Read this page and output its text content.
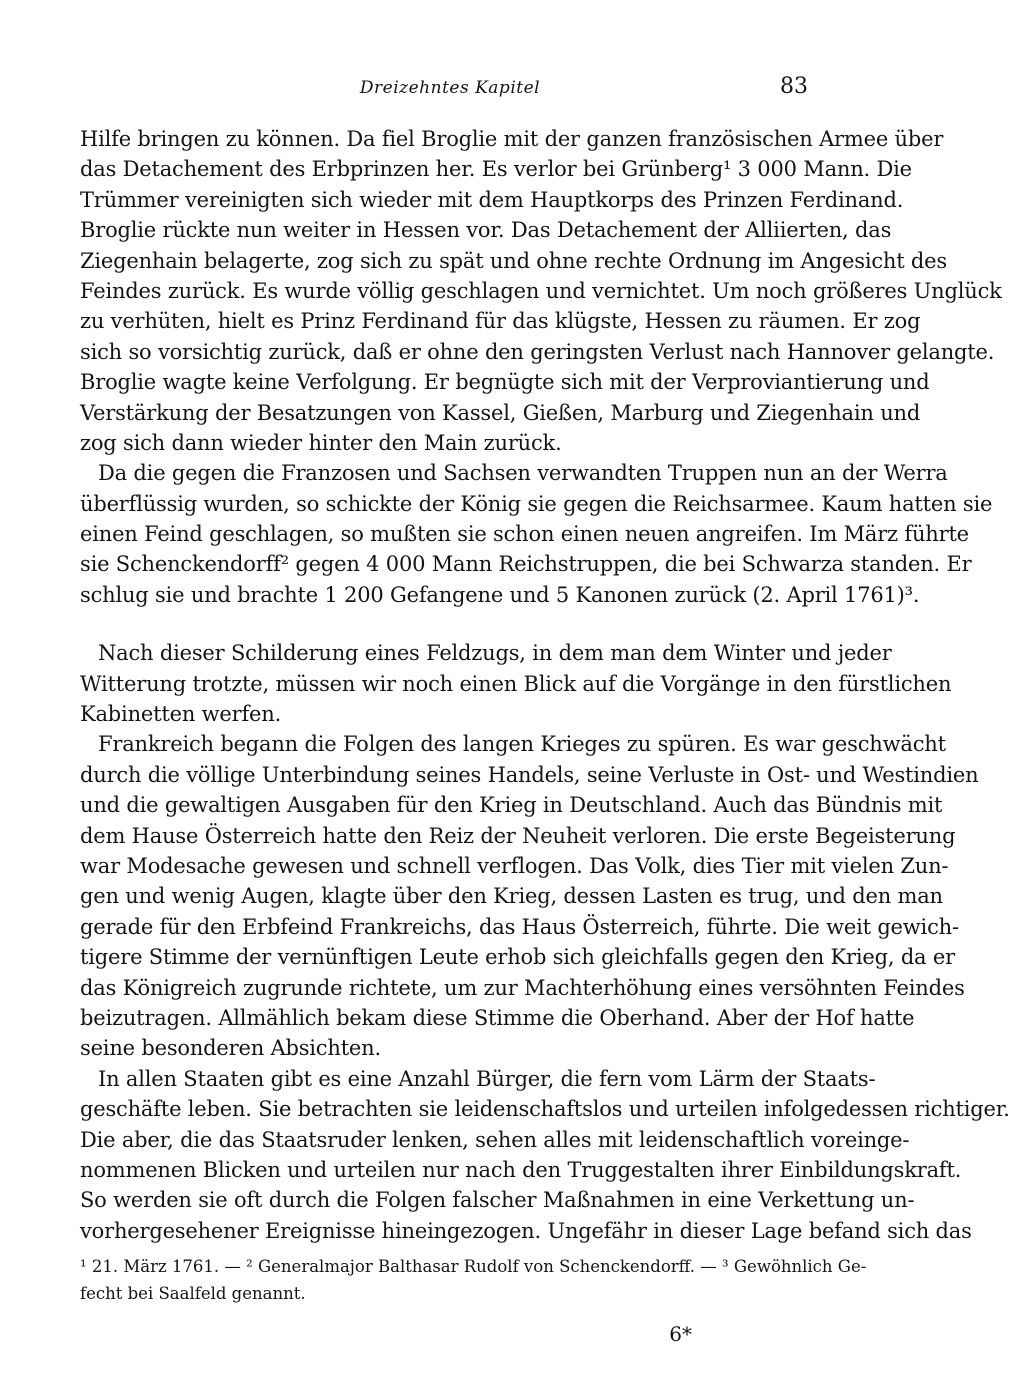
Dreizehntes Kapitel	83
Hilfe bringen zu können. Da fiel Broglie mit der ganzen französischen Armee über
das Detachement des Erbprinzen her. Es verlor bei Grünberg¹ 3 000 Mann. Die
Trümmer vereinigten sich wieder mit dem Hauptkorps des Prinzen Ferdinand.
Broglie rückte nun weiter in Hessen vor. Das Detachement der Alliierten, das
Ziegenhain belagerte, zog sich zu spät und ohne rechte Ordnung im Angesicht des
Feindes zurück. Es wurde völlig geschlagen und vernichtet. Um noch größeres Unglück
zu verhüten, hielt es Prinz Ferdinand für das klügste, Hessen zu räumen. Er zog
sich so vorsichtig zurück, daß er ohne den geringsten Verlust nach Hannover gelangte.
Broglie wagte keine Verfolgung. Er begnügte sich mit der Verproviantierung und
Verstärkung der Besatzungen von Kassel, Gießen, Marburg und Ziegenhain und
zog sich dann wieder hinter den Main zurück.
Da die gegen die Franzosen und Sachsen verwandten Truppen nun an der Werra
überflüssig wurden, so schickte der König sie gegen die Reichsarmee. Kaum hatten sie
einen Feind geschlagen, so mußten sie schon einen neuen angreifen. Im März führte
sie Schenckendorff² gegen 4 000 Mann Reichstruppen, die bei Schwarza standen. Er
schlug sie und brachte 1 200 Gefangene und 5 Kanonen zurück (2. April 1761)³.
Nach dieser Schilderung eines Feldzugs, in dem man dem Winter und jeder
Witterung trotzte, müssen wir noch einen Blick auf die Vorgänge in den fürstlichen
Kabinetten werfen.
Frankreich begann die Folgen des langen Krieges zu spüren. Es war geschwächt
durch die völlige Unterbindung seines Handels, seine Verluste in Ost- und Westindien
und die gewaltigen Ausgaben für den Krieg in Deutschland. Auch das Bündnis mit
dem Hause Österreich hatte den Reiz der Neuheit verloren. Die erste Begeisterung
war Modesache gewesen und schnell verflogen. Das Volk, dies Tier mit vielen Zun-
gen und wenig Augen, klagte über den Krieg, dessen Lasten es trug, und den man
gerade für den Erbfeind Frankreichs, das Haus Österreich, führte. Die weit gewich-
tigere Stimme der vernünftigen Leute erhob sich gleichfalls gegen den Krieg, da er
das Königreich zugrunde richtete, um zur Machterhöhung eines versöhnten Feindes
beizutragen. Allmählich bekam diese Stimme die Oberhand. Aber der Hof hatte
seine besonderen Absichten.
In allen Staaten gibt es eine Anzahl Bürger, die fern vom Lärm der Staats-
geschäfte leben. Sie betrachten sie leidenschaftslos und urteilen infolgedessen richtiger.
Die aber, die das Staatsruder lenken, sehen alles mit leidenschaftlich voreinge-
nommenen Blicken und urteilen nur nach den Truggestalten ihrer Einbildungskraft.
So werden sie oft durch die Folgen falscher Maßnahmen in eine Verkettung un-
vorhergesehener Ereignisse hineingezogen. Ungefähr in dieser Lage befand sich das
¹ 21. März 1761. — ² Generalmajor Balthasar Rudolf von Schenckendorff. — ³ Gewöhnlich Ge-
fecht bei Saalfeld genannt.
6*
